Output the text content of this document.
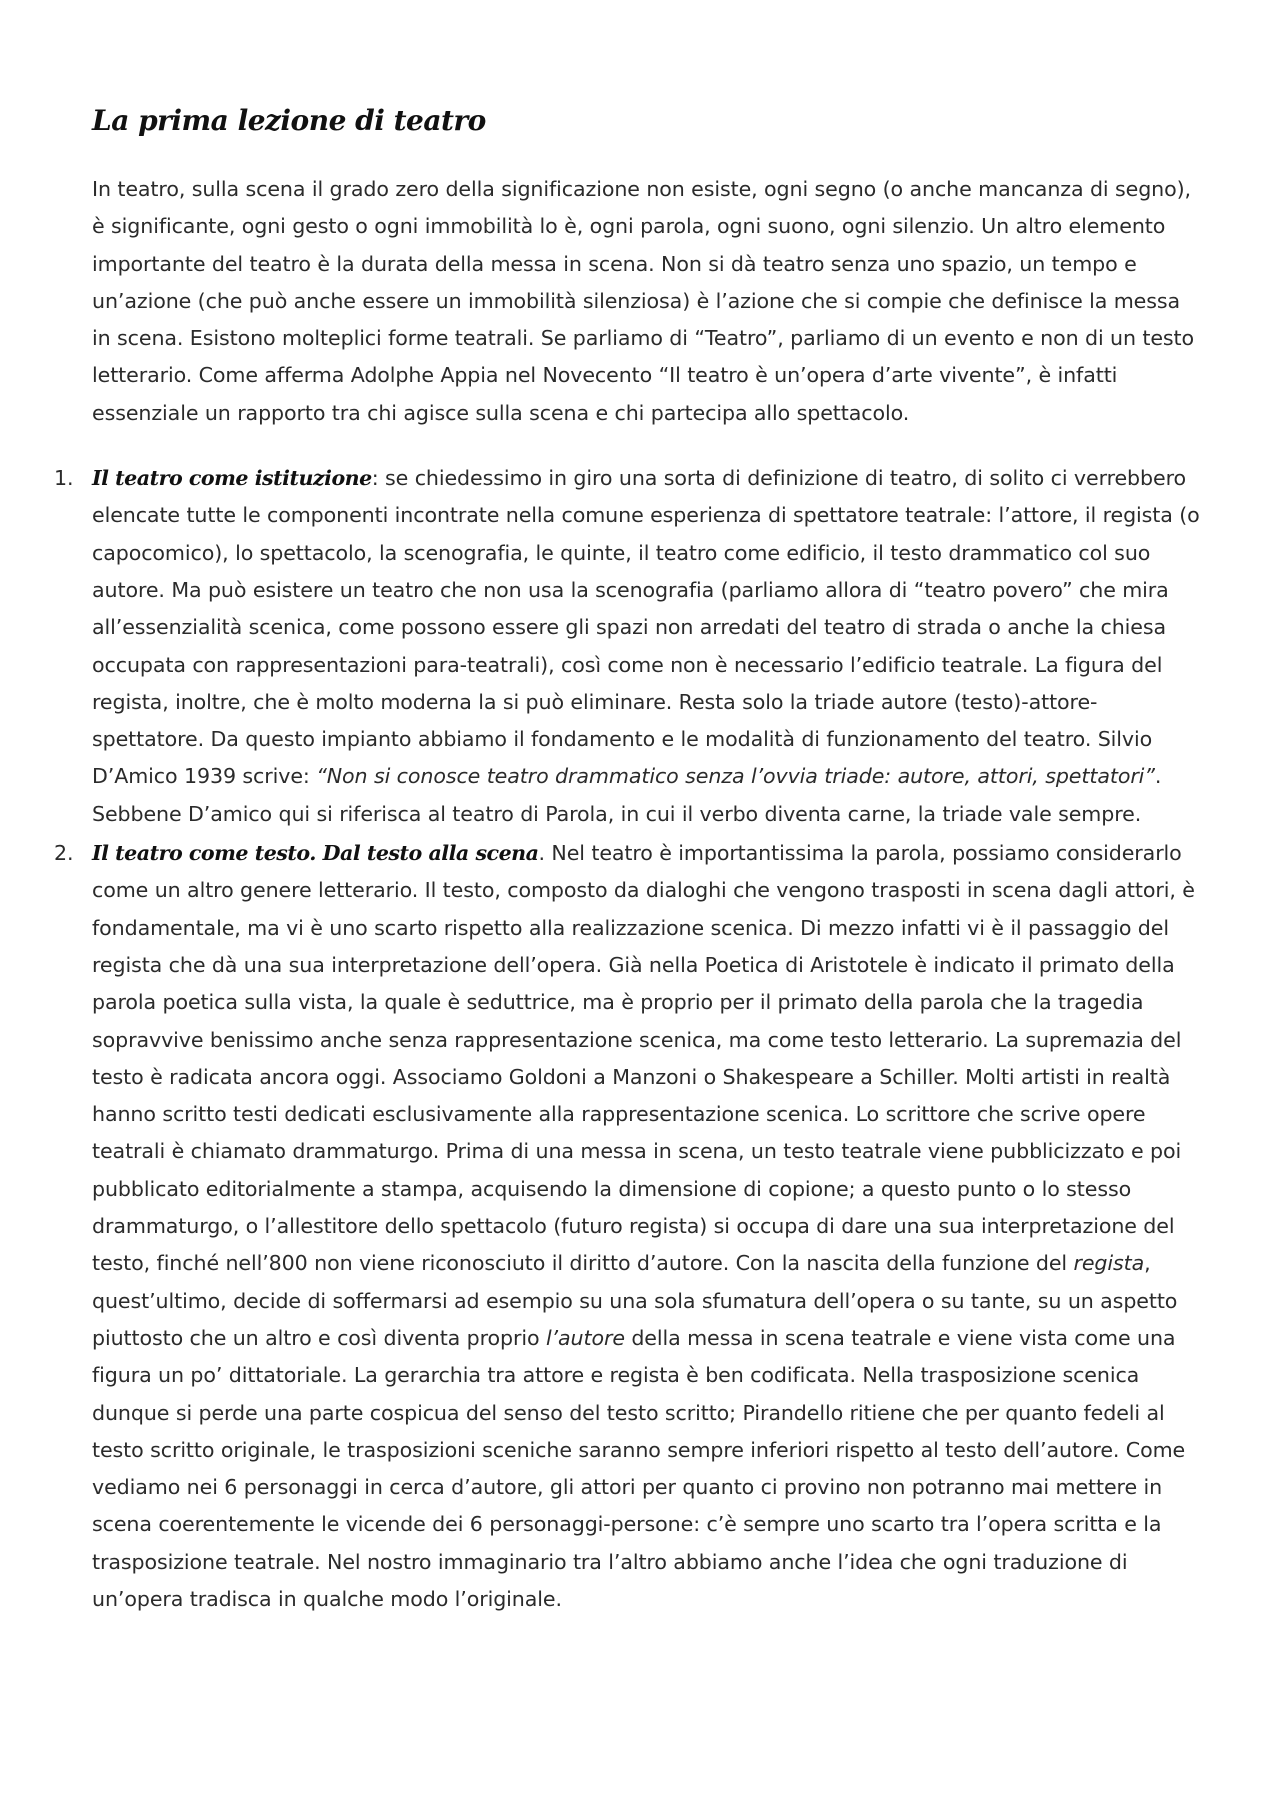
La prima lezione di teatro

In teatro, sulla scena il grado zero della significazione non esiste, ogni segno (o anche mancanza di segno), è significante, ogni gesto o ogni immobilità lo è, ogni parola, ogni suono, ogni silenzio. Un altro elemento importante del teatro è la durata della messa in scena. Non si dà teatro senza uno spazio, un tempo e un’azione (che può anche essere un immobilità silenziosa) è l’azione che si compie che definisce la messa in scena. Esistono molteplici forme teatrali. Se parliamo di “Teatro”, parliamo di un evento e non di un testo letterario. Come afferma Adolphe Appia nel Novecento “Il teatro è un’opera d’arte vivente”, è infatti essenziale un rapporto tra chi agisce sulla scena e chi partecipa allo spettacolo.

1. Il teatro come istituzione: se chiedessimo in giro una sorta di definizione di teatro, di solito ci verrebbero elencate tutte le componenti incontrate nella comune esperienza di spettatore teatrale: l’attore, il regista (o capocomico), lo spettacolo, la scenografia, le quinte, il teatro come edificio, il testo drammatico col suo autore. Ma può esistere un teatro che non usa la scenografia (parliamo allora di “teatro povero” che mira all’essenzialità scenica, come possono essere gli spazi non arredati del teatro di strada o anche la chiesa occupata con rappresentazioni para-teatrali), così come non è necessario l’edificio teatrale. La figura del regista, inoltre, che è molto moderna la si può eliminare. Resta solo la triade autore (testo)-attore-spettatore. Da questo impianto abbiamo il fondamento e le modalità di funzionamento del teatro. Silvio D’Amico 1939 scrive: “Non si conosce teatro drammatico senza l’ovvia triade: autore, attori, spettatori”. Sebbene D’amico qui si riferisca al teatro di Parola, in cui il verbo diventa carne, la triade vale sempre.
2. Il teatro come testo. Dal testo alla scena. Nel teatro è importantissima la parola, possiamo considerarlo come un altro genere letterario. Il testo, composto da dialoghi che vengono trasposti in scena dagli attori, è fondamentale, ma vi è uno scarto rispetto alla realizzazione scenica. Di mezzo infatti vi è il passaggio del regista che dà una sua interpretazione dell’opera. Già nella Poetica di Aristotele è indicato il primato della parola poetica sulla vista, la quale è seduttrice, ma è proprio per il primato della parola che la tragedia sopravvive benissimo anche senza rappresentazione scenica, ma come testo letterario. La supremazia del testo è radicata ancora oggi. Associamo Goldoni a Manzoni o Shakespeare a Schiller. Molti artisti in realtà hanno scritto testi dedicati esclusivamente alla rappresentazione scenica. Lo scrittore che scrive opere teatrali è chiamato drammaturgo. Prima di una messa in scena, un testo teatrale viene pubblicizzato e poi pubblicato editorialmente a stampa, acquisendo la dimensione di copione; a questo punto o lo stesso drammaturgo, o l’allestitore dello spettacolo (futuro regista) si occupa di dare una sua interpretazione del testo, finché nell’800 non viene riconosciuto il diritto d’autore. Con la nascita della funzione del regista, quest’ultimo, decide di soffermarsi ad esempio su una sola sfumatura dell’opera o su tante, su un aspetto piuttosto che un altro e così diventa proprio l’autore della messa in scena teatrale e viene vista come una figura un po’ dittatoriale. La gerarchia tra attore e regista è ben codificata. Nella trasposizione scenica dunque si perde una parte cospicua del senso del testo scritto; Pirandello ritiene che per quanto fedeli al testo scritto originale, le trasposizioni sceniche saranno sempre inferiori rispetto al testo dell’autore. Come vediamo nei 6 personaggi in cerca d’autore, gli attori per quanto ci provino non potranno mai mettere in scena coerentemente le vicende dei 6 personaggi-persone: c’è sempre uno scarto tra l’opera scritta e la trasposizione teatrale. Nel nostro immaginario tra l’altro abbiamo anche l’idea che ogni traduzione di un’opera tradisca in qualche modo l’originale.
